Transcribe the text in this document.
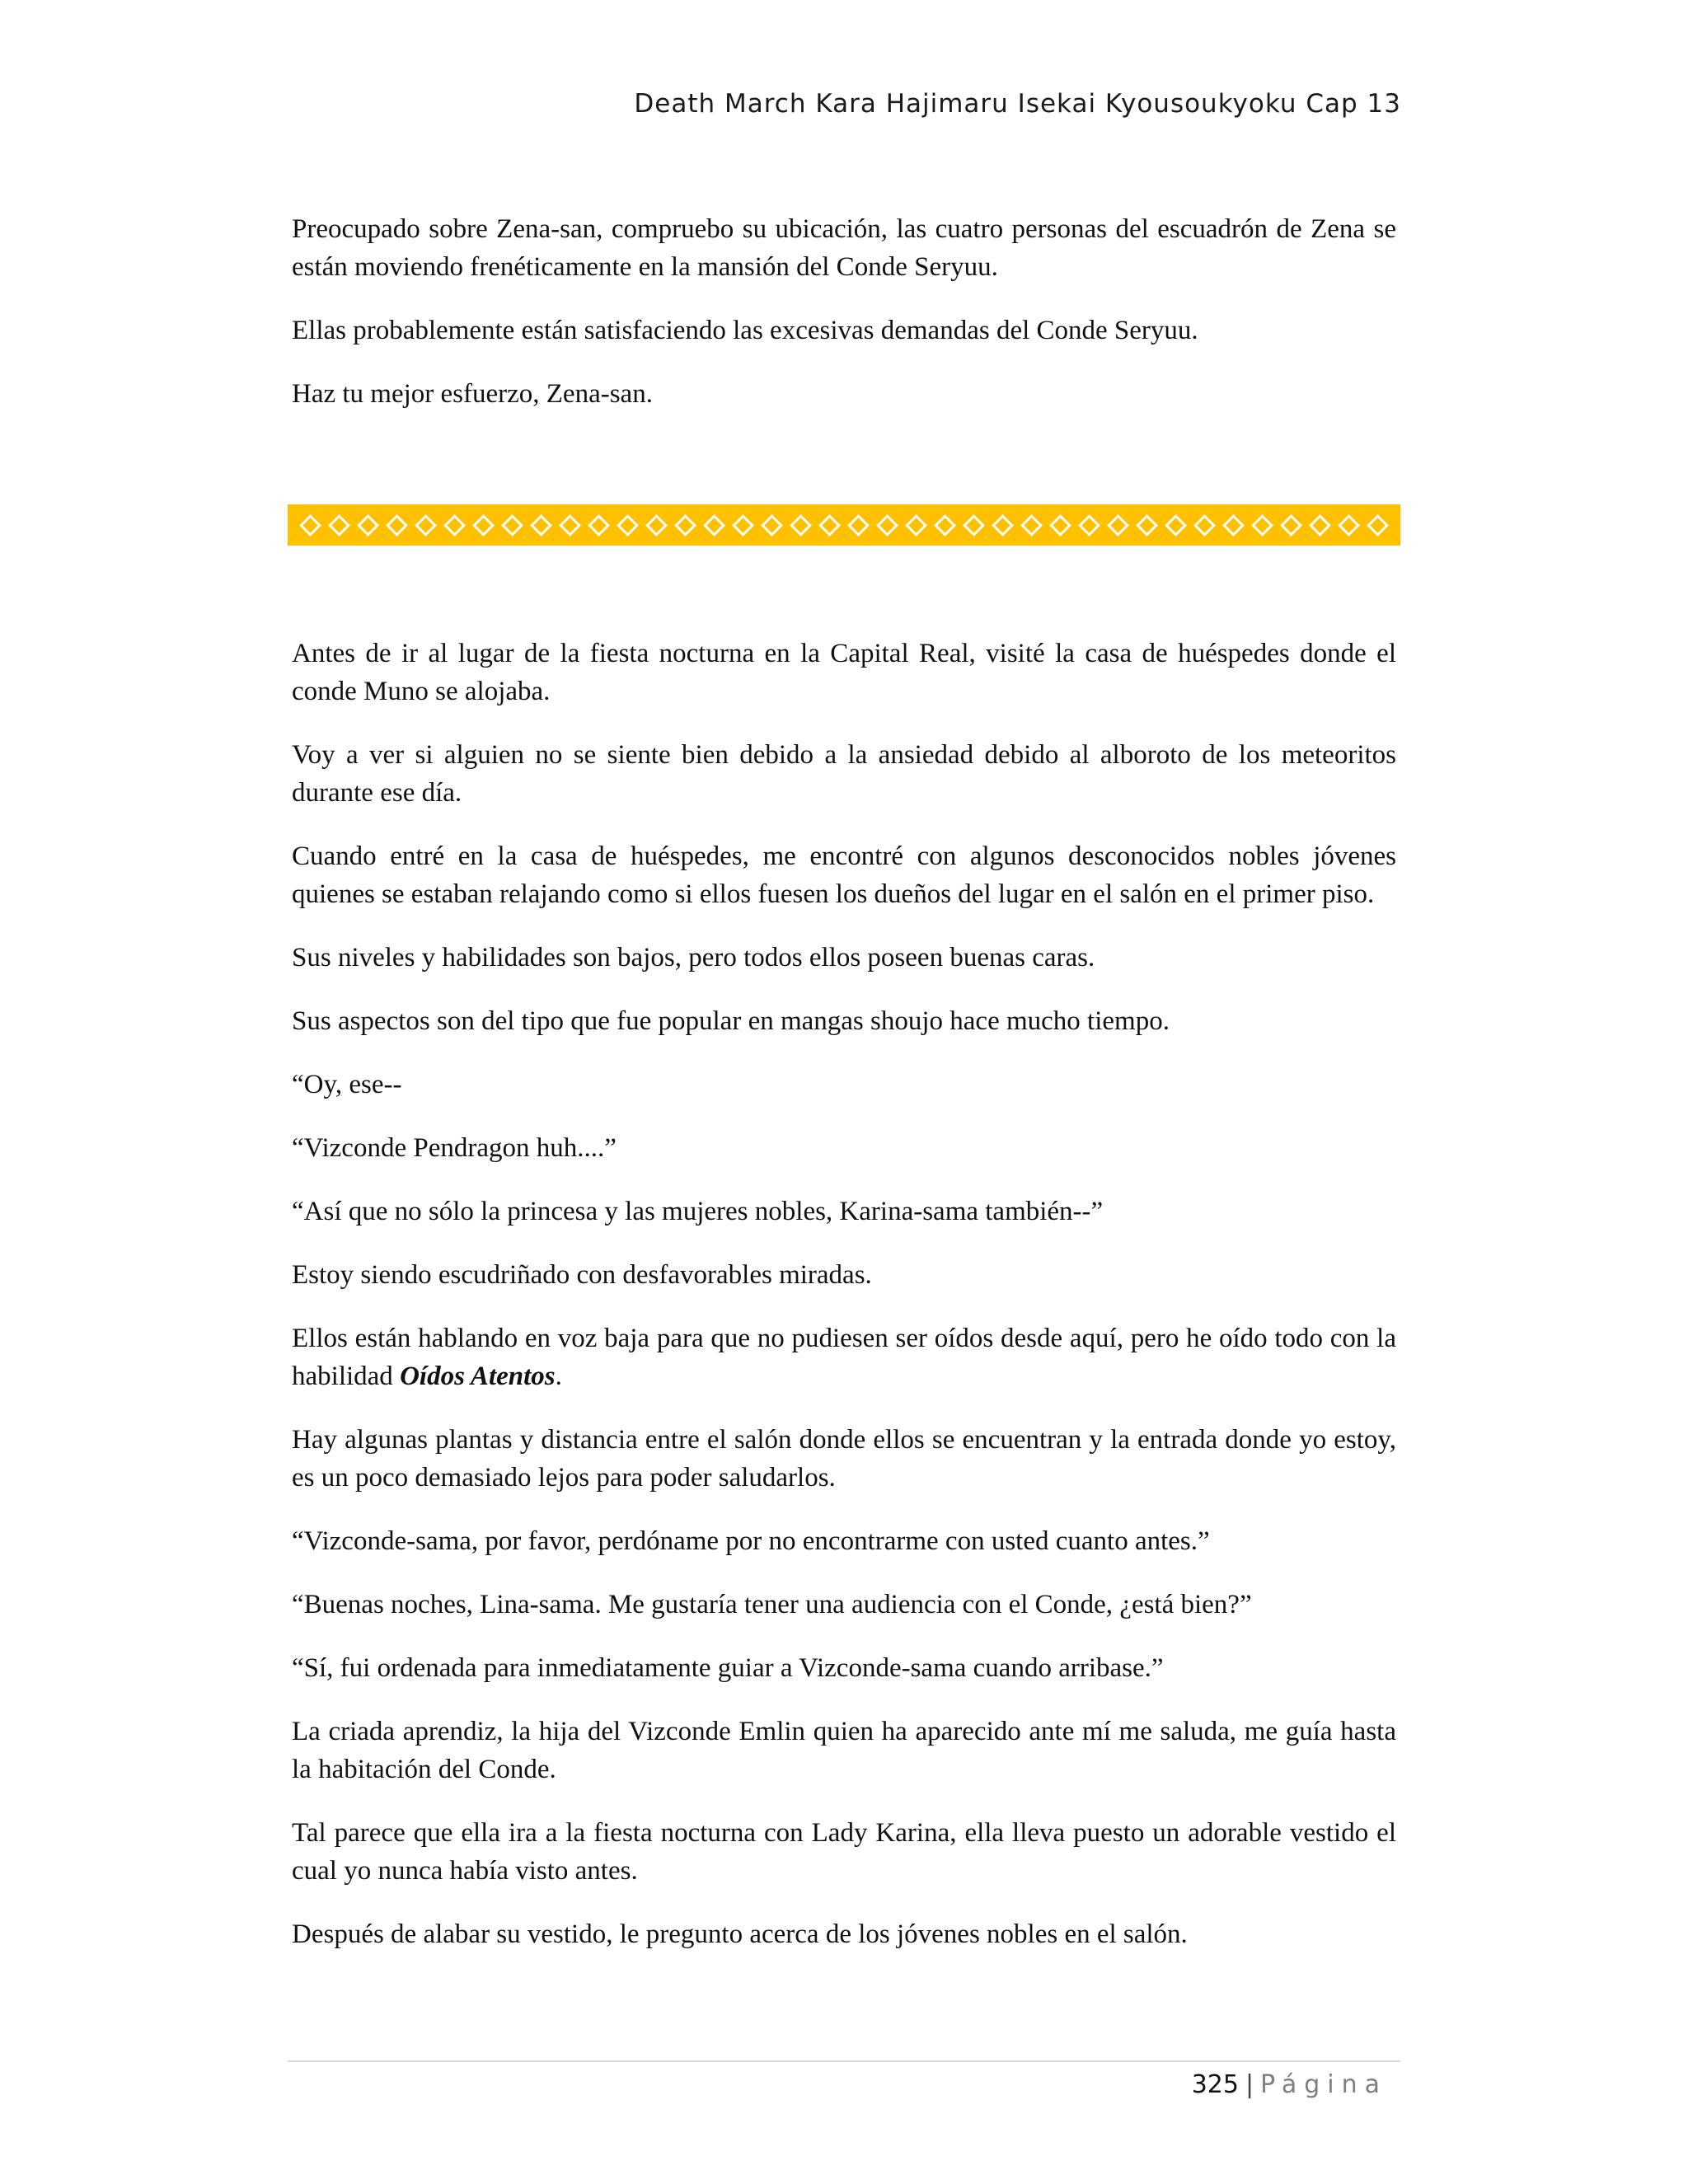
Death March Kara Hajimaru Isekai Kyousoukyoku Cap 13

Preocupado sobre Zena-san, compruebo su ubicación, las cuatro personas del escuadrón de Zena se están moviendo frenéticamente en la mansión del Conde Seryuu.

Ellas probablemente están satisfaciendo las excesivas demandas del Conde Seryuu.

Haz tu mejor esfuerzo, Zena-san.

Antes de ir al lugar de la fiesta nocturna en la Capital Real, visité la casa de huéspedes donde el conde Muno se alojaba.

Voy a ver si alguien no se siente bien debido a la ansiedad debido al alboroto de los meteoritos durante ese día.

Cuando entré en la casa de huéspedes, me encontré con algunos desconocidos nobles jóvenes quienes se estaban relajando como si ellos fuesen los dueños del lugar en el salón en el primer piso.

Sus niveles y habilidades son bajos, pero todos ellos poseen buenas caras.

Sus aspectos son del tipo que fue popular en mangas shoujo hace mucho tiempo.

“Oy, ese--

“Vizconde Pendragon huh....”

“Así que no sólo la princesa y las mujeres nobles, Karina-sama también--”

Estoy siendo escudriñado con desfavorables miradas.

Ellos están hablando en voz baja para que no pudiesen ser oídos desde aquí, pero he oído todo con la habilidad Oídos Atentos.

Hay algunas plantas y distancia entre el salón donde ellos se encuentran y la entrada donde yo estoy, es un poco demasiado lejos para poder saludarlos.

“Vizconde-sama, por favor, perdóname por no encontrarme con usted cuanto antes.”

“Buenas noches, Lina-sama. Me gustaría tener una audiencia con el Conde, ¿está bien?”

“Sí, fui ordenada para inmediatamente guiar a Vizconde-sama cuando arribase.”

La criada aprendiz, la hija del Vizconde Emlin quien ha aparecido ante mí me saluda, me guía hasta la habitación del Conde.

Tal parece que ella ira a la fiesta nocturna con Lady Karina, ella lleva puesto un adorable vestido el cual yo nunca había visto antes.

Después de alabar su vestido, le pregunto acerca de los jóvenes nobles en el salón.

325 | Página
